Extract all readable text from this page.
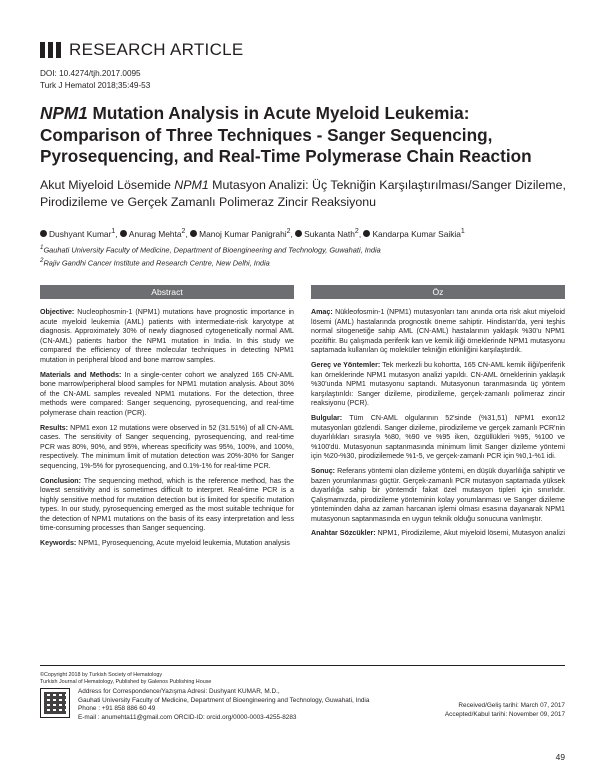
RESEARCH ARTICLE
DOI: 10.4274/tjh.2017.0095
Turk J Hematol 2018;35:49-53
NPM1 Mutation Analysis in Acute Myeloid Leukemia: Comparison of Three Techniques - Sanger Sequencing, Pyrosequencing, and Real-Time Polymerase Chain Reaction
Akut Miyeloid Lösemide NPM1 Mutasyon Analizi: Üç Tekniğin Karşılaştırılması/Sanger Dizileme, Pirodizileme ve Gerçek Zamanlı Polimeraz Zincir Reaksiyonu
Dushyant Kumar$^1$, Anurag Mehta$^2$, Manoj Kumar Panigrahi$^2$, Sukanta Nath$^2$, Kandarpa Kumar Saikia$^1$
$^1$Gauhati University Faculty of Medicine, Department of Bioengineering and Technology, Guwahati, India
$^2$Rajiv Gandhi Cancer Institute and Research Centre, New Delhi, India
Abstract	Öz

Objective: Nucleophosmin-1 (NPM1) mutations have prognostic importance in acute myeloid leukemia (AML) patients with intermediate-risk karyotype at diagnosis. Approximately 30% of newly diagnosed cytogenetically normal AML (CN-AML) patients harbor the NPM1 mutation in India. In this study we compared the efficiency of three molecular techniques in detecting NPM1 mutation in peripheral blood and bone marrow samples.

Materials and Methods: In a single-center cohort we analyzed 165 CN-AML bone marrow/peripheral blood samples for NPM1 mutation analysis. About 30% of the CN-AML samples revealed NPM1 mutations. For the detection, three methods were compared: Sanger sequencing, pyrosequencing, and real-time polymerase chain reaction (PCR).

Results: NPM1 exon 12 mutations were observed in 52 (31.51%) of all CN-AML cases. The sensitivity of Sanger sequencing, pyrosequencing, and real-time PCR was 80%, 90%, and 95%, whereas specificity was 95%, 100%, and 100%, respectively. The minimum limit of mutation detection was 20%-30% for Sanger sequencing, 1%-5% for pyrosequencing, and 0.1%-1% for real-time PCR.

Conclusion: The sequencing method, which is the reference method, has the lowest sensitivity and is sometimes difficult to interpret. Real-time PCR is a highly sensitive method for mutation detection but is limited for specific mutation types. In our study, pyrosequencing emerged as the most suitable technique for the detection of NPM1 mutations on the basis of its easy interpretation and less time-consuming processes than Sanger sequencing.

Keywords: NPM1, Pyrosequencing, Acute myeloid leukemia, Mutation analysis

Amaç: Nükleofosmin-1 (NPM1) mutasyonları tanı anında orta risk akut miyeloid lösemi (AML) hastalarında prognostik öneme sahiptir. Hindistan'da, yeni teşhis normal sitogenetiğe sahip AML (CN-AML) hastalarının yaklaşık %30'u NPM1 pozitiftir. Bu çalışmada periferik kan ve kemik iliği örneklerinde NPM1 mutasyonu saptamada kullanılan üç moleküler tekniğin etkinliğini karşılaştırdık.

Gereç ve Yöntemler: Tek merkezli bu kohortta, 165 CN-AML kemik iliği/periferik kan örneklerinde NPM1 mutasyon analizi yapıldı. CN-AML örneklerinin yaklaşık %30'unda NPM1 mutasyonu saptandı. Mutasyonun taranmasında üç yöntem karşılaştırıldı: Sanger dizileme, pirodizileme, gerçek-zamanlı polimeraz zincir reaksiyonu (PCR).

Bulgular: Tüm CN-AML olgularının 52'sinde (%31,51) NPM1 exon12 mutasyonları gözlendi. Sanger dizileme, pirodizileme ve gerçek zamanlı PCR'nin duyarlılıkları sırasıyla %80, %90 ve %95 iken, özgüllükleri %95, %100 ve %100'dü. Mutasyonun saptanmasında minimum limit Sanger dizileme yöntemi için %20-%30, pirodizilemede %1-5, ve gerçek-zamanlı PCR için %0,1-%1 idi.

Sonuç: Referans yöntemi olan dizileme yöntemi, en düşük duyarlılığa sahiptir ve bazen yorumlanması güçtür. Gerçek-zamanlı PCR mutasyon saptamada yüksek duyarlılığa sahip bir yöntemdir fakat özel mutasyon tipleri için sınırlıdır. Çalışmamızda, pirodizileme yönteminin kolay yorumlanması ve Sanger dizileme yönteminden daha az zaman harcanan işlemi olması esasına dayanarak NPM1 mutasyonun saptanmasında en uygun teknik olduğu sonucuna varılmıştır.

Anahtar Sözcükler: NPM1, Pirodizileme, Akut miyeloid lösemi, Mutasyon analizi

©Copyright 2018 by Turkish Society of Hematology
Turkish Journal of Hematology, Published by Galenos Publishing House
Address for Correspondence/Yazışma Adresi: Dushyant KUMAR, M.D.,
Gauhati University Faculty of Medicine, Department of Bioengineering and Technology, Guwahati, India
Phone : +91 858 886 60 49
E-mail : anumehta11@gmail.com ORCID-ID: orcid.org/0000-0003-4255-8283
Received/Geliş tarihi: March 07, 2017
Accepted/Kabul tarihi: November 09, 2017
49
